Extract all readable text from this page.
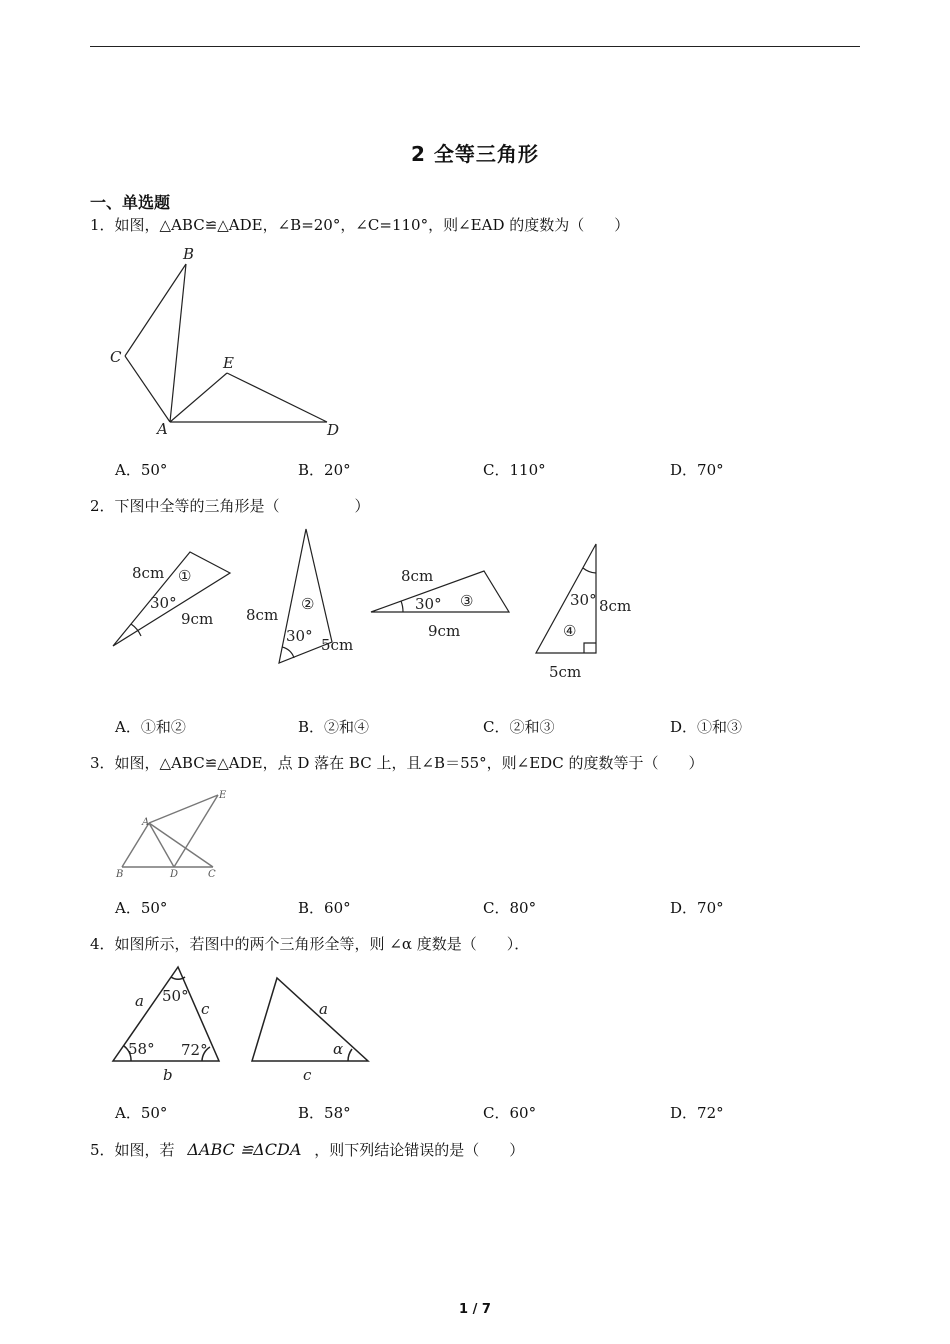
2 全等三角形
一、单选题
1．如图，△ABC≌△ADE，∠B=20°，∠C=110°，则∠EAD 的度数为（　　）
B
C	E
A	D
A．50°	B．20°	C．110°	D．70°
2．下图中全等的三角形是（　　　　　）
8cm ①
30°
9cm 8cm
②
30° 5cm
8cm
30° ③
9cm
30° 8cm
④
5cm
A．①和②	B．②和④	C．②和③	D．①和③
3．如图，△ABC≌△ADE，点 D 落在 BC 上，且∠B＝55°，则∠EDC 的度数等于（　　）
A
E
B	D	C
A．50°	B．60°	C．80°	D．70°
4．如图所示，若图中的两个三角形全等，则 ∠α 度数是（　　）．
a 50°
c
58° 72°
b
a
α
c
A．50°	B．58°	C．60°	D．72°
5．如图，若 ΔABC ≌ΔCDA ，则下列结论错误的是（　　）
1 / 7
